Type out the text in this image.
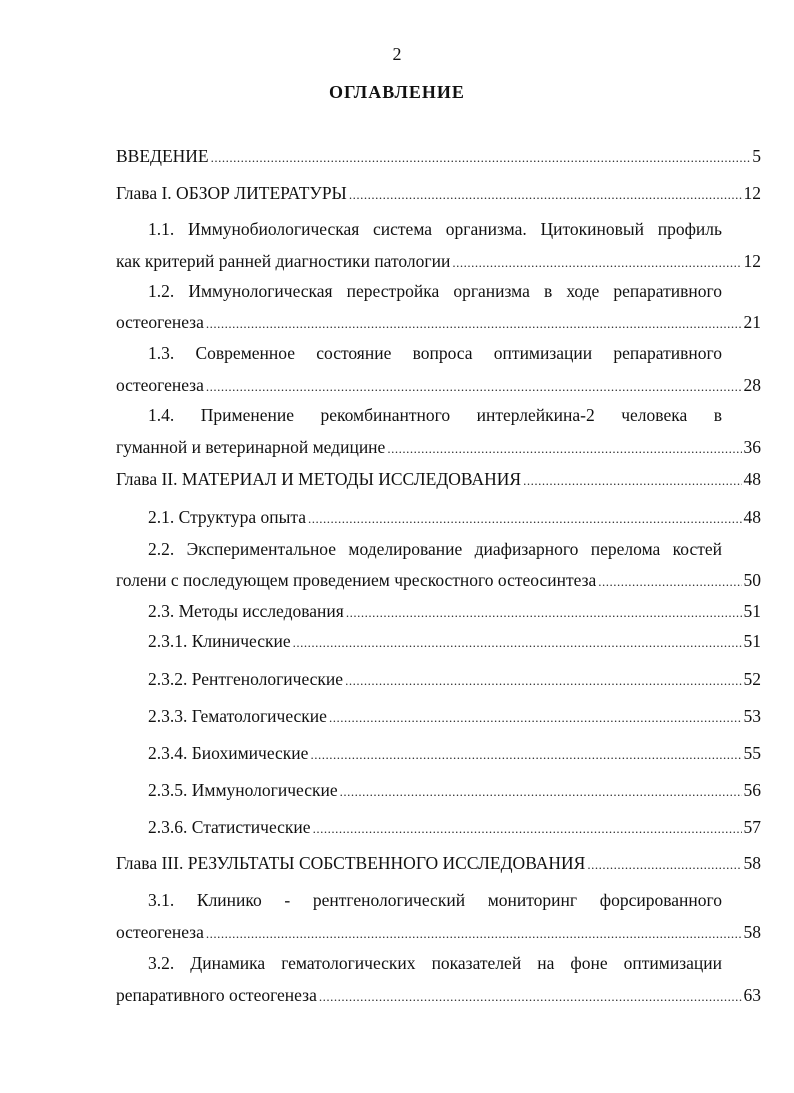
2
ОГЛАВЛЕНИЕ
ВВЕДЕНИЕ .....	5
Глава I. ОБЗОР ЛИТЕРАТУРЫ .....	12
1.1. Иммунобиологическая система организма. Цитокиновый профиль
как критерий ранней диагностики патологии .....	12
1.2. Иммунологическая перестройка организма в ходе репаративного
остеогенеза .....	21
1.3. Современное состояние вопроса оптимизации репаративного
остеогенеза .....	28
1.4. Применение рекомбинантного интерлейкина-2 человека в
гуманной и ветеринарной медицине .....	36
Глава II. МАТЕРИАЛ И МЕТОДЫ ИССЛЕДОВАНИЯ .....	48
2.1. Структура опыта .....	48
2.2. Экспериментальное моделирование диафизарного перелома костей
голени с последующем проведением чрескостного остеосинтеза .....	50
2.3. Методы исследования .....	51
2.3.1. Клинические .....	51
2.3.2. Рентгенологические .....	52
2.3.3. Гематологические .....	53
2.3.4. Биохимические .....	55
2.3.5. Иммунологические .....	56
2.3.6. Статистические .....	57
Глава III. РЕЗУЛЬТАТЫ СОБСТВЕННОГО ИССЛЕДОВАНИЯ .....	58
3.1. Клинико - рентгенологический мониторинг форсированного
остеогенеза .....	58
3.2. Динамика гематологических показателей на фоне оптимизации
репаративного остеогенеза .....	63
